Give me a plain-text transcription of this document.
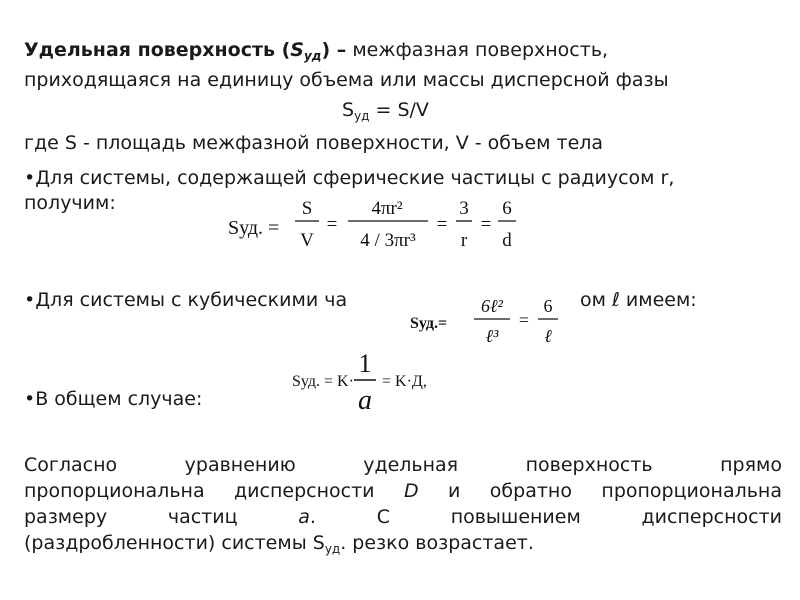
Удельная поверхность $(S_{уд})$ – межфазная поверхность,
приходящаяся на единицу объема или массы дисперсной фазы
$S_{уд} = S/V$
где S - площадь межфазной поверхности, V - объем тела
•Для системы, содержащей сферические частицы с радиусом r,
получим:
Sуд. =
S
V
=
4πr²
4 / 3πr³
=
3
r
=
6
d
•Для системы с кубическими ча	ом ℓ имеем:
Sуд.=
6ℓ²
ℓ³
=
6
ℓ
•В общем случае:
Sуд. = K·
1
a
= K·Д,
Согласно уравнению удельная поверхность прямо
пропорциональна дисперсности D и обратно пропорциональна
размеру частиц а. С повышением дисперсности
(раздробленности) системы $S_{уд}$. резко возрастает.
